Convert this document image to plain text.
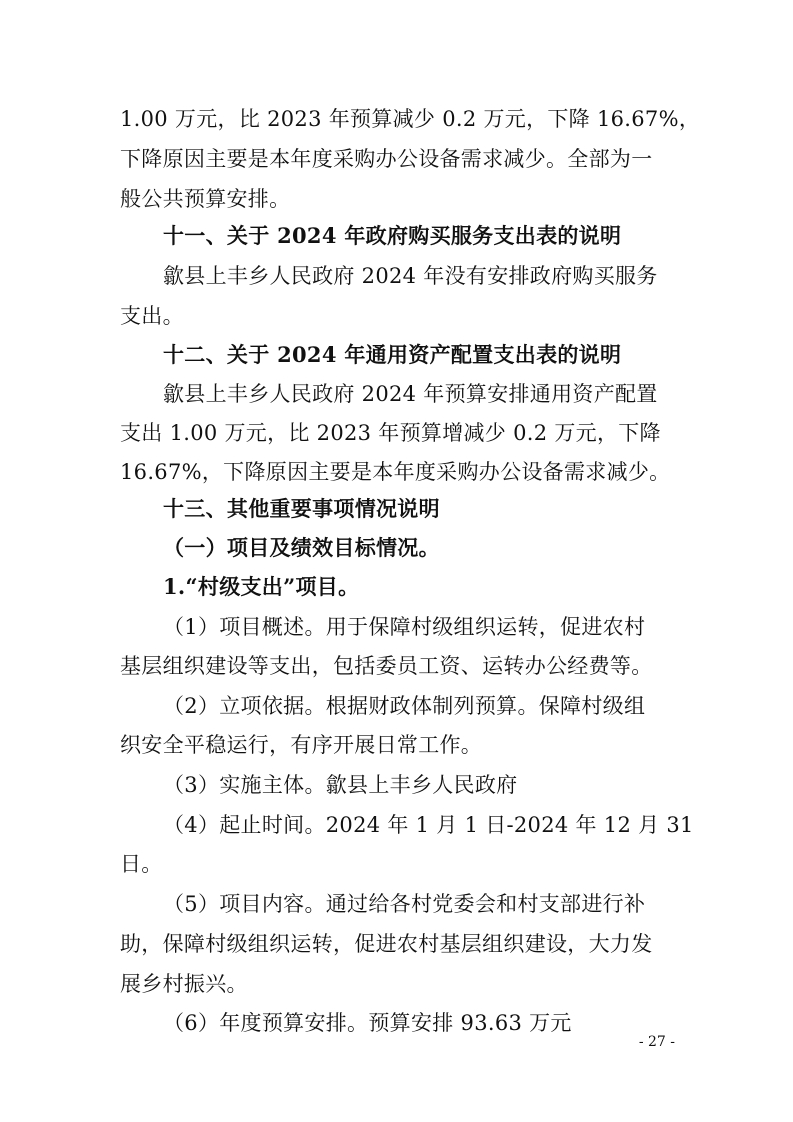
1.00 万元，比 2023 年预算减少 0.2 万元，下降 16.67%，
下降原因主要是本年度采购办公设备需求减少。全部为一
般公共预算安排。
十一、关于 2024 年政府购买服务支出表的说明
歙县上丰乡人民政府 2024 年没有安排政府购买服务
支出。
十二、关于 2024 年通用资产配置支出表的说明
歙县上丰乡人民政府 2024 年预算安排通用资产配置
支出 1.00 万元，比 2023 年预算增减少 0.2 万元，下降
16.67%，下降原因主要是本年度采购办公设备需求减少。
十三、其他重要事项情况说明
（一）项目及绩效目标情况。
1.“村级支出”项目。
（1）项目概述。用于保障村级组织运转，促进农村
基层组织建设等支出，包括委员工资、运转办公经费等。
（2）立项依据。根据财政体制列预算。保障村级组
织安全平稳运行，有序开展日常工作。
（3）实施主体。歙县上丰乡人民政府
（4）起止时间。2024 年 1 月 1 日-2024 年 12 月 31
日。
（5）项目内容。通过给各村党委会和村支部进行补
助，保障村级组织运转，促进农村基层组织建设，大力发
展乡村振兴。
（6）年度预算安排。预算安排 93.63 万元
- 27 -
